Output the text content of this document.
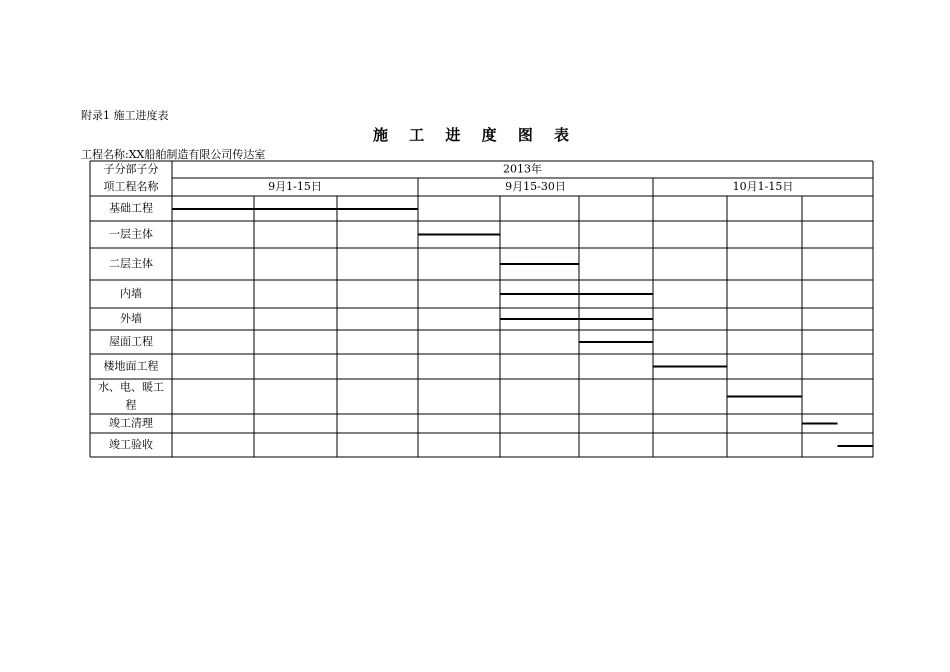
附录1 施工进度表
施 工 进 度 图 表
工程名称:XX船舶制造有限公司传达室
子分部子分
项工程名称
2013年
9月1-15日	9月15-30日	10月1-15日
基础工程
一层主体
二层主体
内墙
外墙
屋面工程
楼地面工程
水、电、暖工
程
竣工清理
竣工验收
